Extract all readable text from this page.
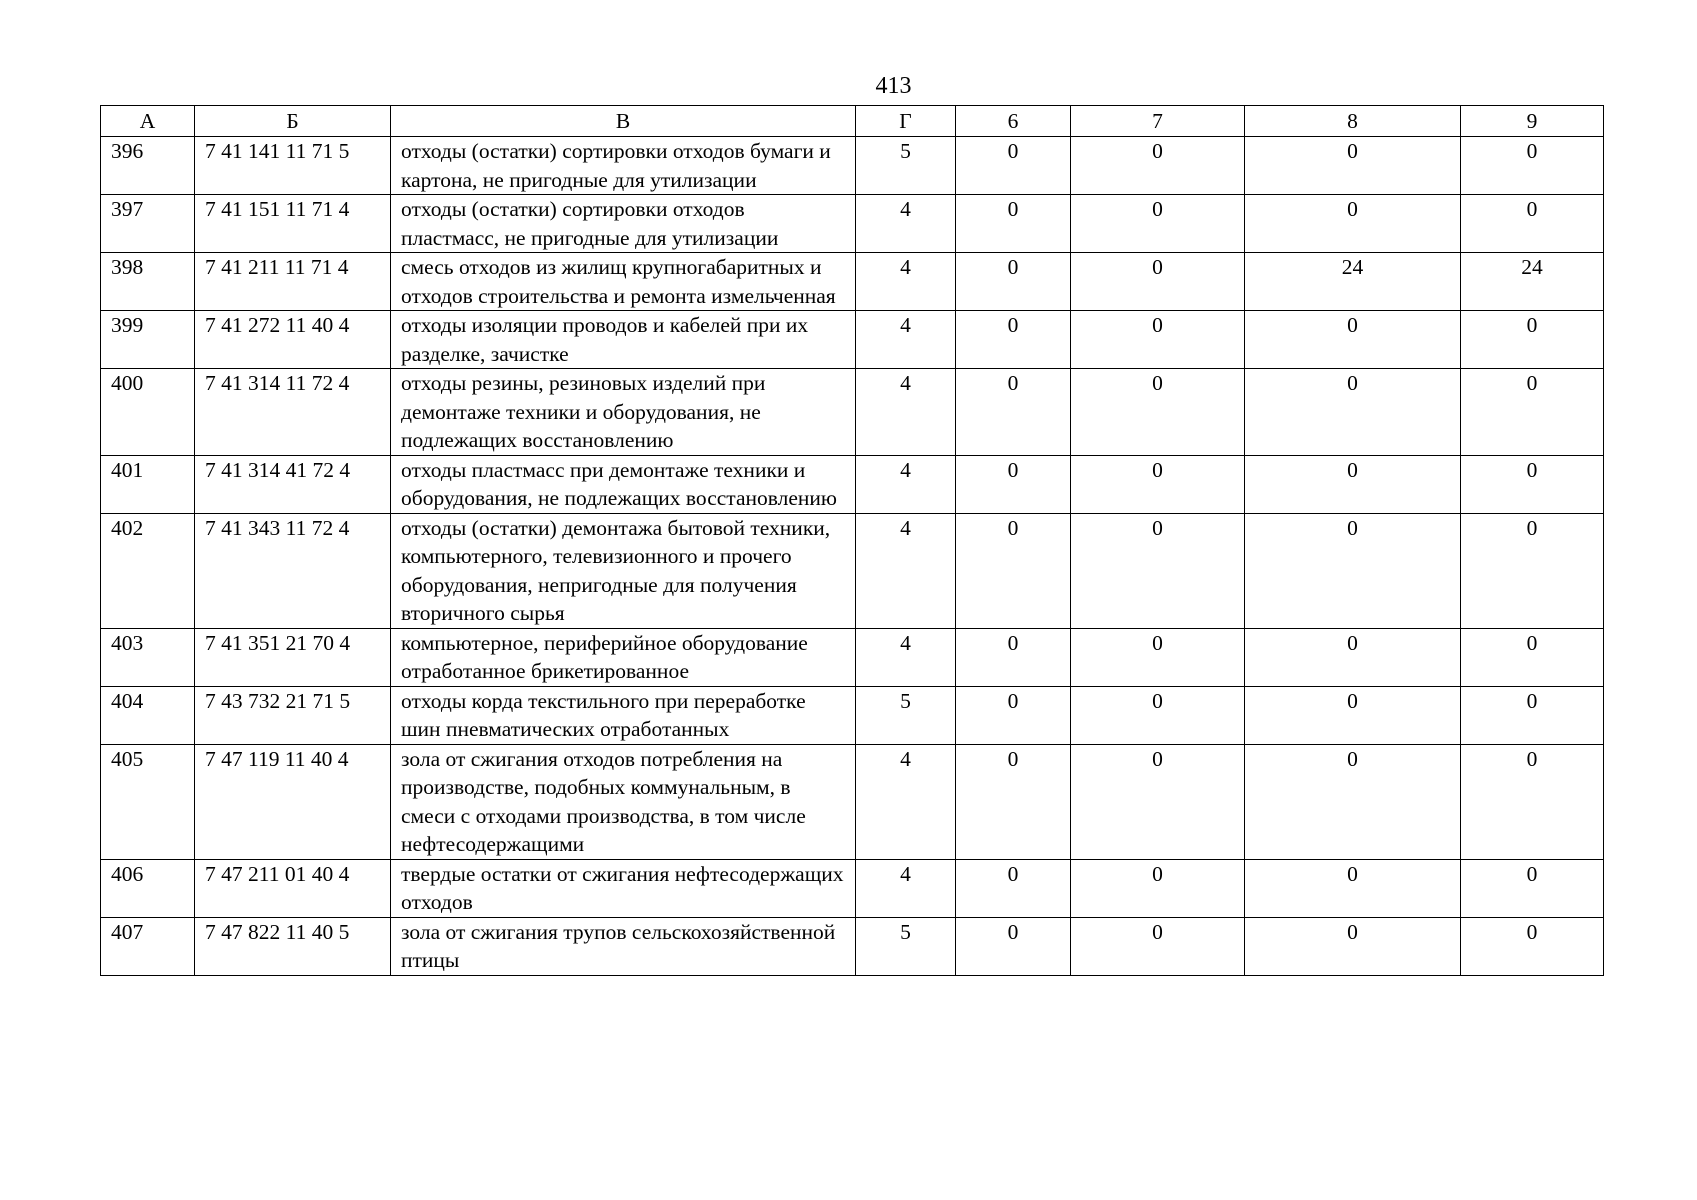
413
А	Б	В	Г	6	7	8	9
396	7 41 141 11 71 5	отходы (остатки) сортировки отходов бумаги и картона, не пригодные для утилизации	5	0	0	0	0
397	7 41 151 11 71 4	отходы (остатки) сортировки отходов пластмасс, не пригодные для утилизации	4	0	0	0	0
398	7 41 211 11 71 4	смесь отходов из жилищ крупногабаритных и отходов строительства и ремонта измельченная	4	0	0	24	24
399	7 41 272 11 40 4	отходы изоляции проводов и кабелей при их разделке, зачистке	4	0	0	0	0
400	7 41 314 11 72 4	отходы резины, резиновых изделий при демонтаже техники и оборудования, не подлежащих восстановлению	4	0	0	0	0
401	7 41 314 41 72 4	отходы пластмасс при демонтаже техники и оборудования, не подлежащих восстановлению	4	0	0	0	0
402	7 41 343 11 72 4	отходы (остатки) демонтажа бытовой техники, компьютерного, телевизионного и прочего оборудования, непригодные для получения вторичного сырья	4	0	0	0	0
403	7 41 351 21 70 4	компьютерное, периферийное оборудование отработанное брикетированное	4	0	0	0	0
404	7 43 732 21 71 5	отходы корда текстильного при переработке шин пневматических отработанных	5	0	0	0	0
405	7 47 119 11 40 4	зола от сжигания отходов потребления на производстве, подобных коммунальным, в смеси с отходами производства, в том числе нефтесодержащими	4	0	0	0	0
406	7 47 211 01 40 4	твердые остатки от сжигания нефтесодержащих отходов	4	0	0	0	0
407	7 47 822 11 40 5	зола от сжигания трупов сельскохозяйственной птицы	5	0	0	0	0
